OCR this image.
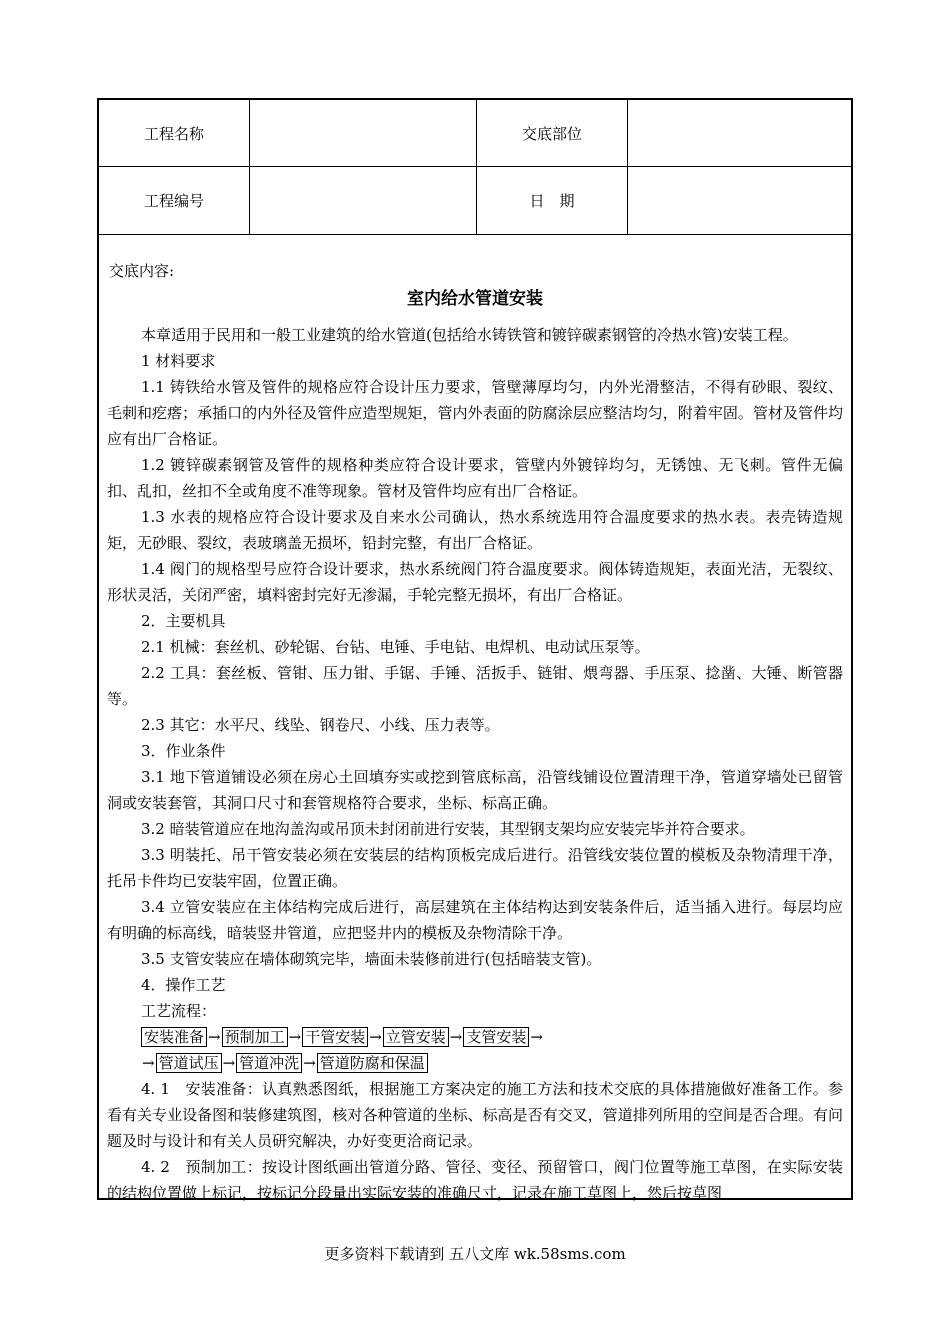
工程名称	交底部位
工程编号	日　期
交底内容:
室内给水管道安装

本章适用于民用和一般工业建筑的给水管道(包括给水铸铁管和镀锌碳素钢管的冷热水管)安装工程。

1 材料要求

1.1 铸铁给水管及管件的规格应符合设计压力要求，管壁薄厚均匀，内外光滑整洁，不得有砂眼、裂纹、毛刺和疙瘩；承插口的内外径及管件应造型规矩，管内外表面的防腐涂层应整洁均匀，附着牢固。管材及管件均应有出厂合格证。

1.2 镀锌碳素钢管及管件的规格种类应符合设计要求，管壁内外镀锌均匀，无锈蚀、无飞刺。管件无偏扣、乱扣，丝扣不全或角度不准等现象。管材及管件均应有出厂合格证。

1.3 水表的规格应符合设计要求及自来水公司确认，热水系统选用符合温度要求的热水表。表壳铸造规矩，无砂眼、裂纹，表玻璃盖无损坏，铅封完整，有出厂合格证。

1.4 阀门的规格型号应符合设计要求，热水系统阀门符合温度要求。阀体铸造规矩，表面光洁，无裂纹、形状灵活，关闭严密，填料密封完好无渗漏，手轮完整无损坏，有出厂合格证。

2．主要机具

2.1 机械：套丝机、砂轮锯、台钻、电锤、手电钻、电焊机、电动试压泵等。

2.2 工具：套丝板、管钳、压力钳、手锯、手锤、活扳手、链钳、煨弯器、手压泵、捻凿、大锤、断管器等。

2.3 其它：水平尺、线坠、钢卷尺、小线、压力表等。

3．作业条件

3.1 地下管道铺设必须在房心土回填夯实或挖到管底标高，沿管线铺设位置清理干净，管道穿墙处已留管洞或安装套管，其洞口尺寸和套管规格符合要求，坐标、标高正确。

3.2 暗装管道应在地沟盖沟或吊顶未封闭前进行安装，其型钢支架均应安装完毕并符合要求。

3.3 明装托、吊干管安装必须在安装层的结构顶板完成后进行。沿管线安装位置的模板及杂物清理干净，托吊卡件均已安装牢固，位置正确。

3.4 立管安装应在主体结构完成后进行，高层建筑在主体结构达到安装条件后，适当插入进行。每层均应有明确的标高线，暗装竖井管道，应把竖井内的模板及杂物清除干净。

3.5 支管安装应在墙体砌筑完毕，墙面未装修前进行(包括暗装支管)。

4．操作工艺

工艺流程：

安装准备 → 预制加工 → 干管安装 → 立管安装 → 支管安装 →
→ 管道试压 → 管道冲洗 → 管道防腐和保温

4. 1　安装准备：认真熟悉图纸，根据施工方案决定的施工方法和技术交底的具体措施做好准备工作。参看有关专业设备图和装修建筑图，核对各种管道的坐标、标高是否有交叉，管道排列所用的空间是否合理。有问题及时与设计和有关人员研究解决，办好变更洽商记录。

4. 2　预制加工：按设计图纸画出管道分路、管径、变径、预留管口，阀门位置等施工草图，在实际安装的结构位置做上标记，按标记分段量出实际安装的准确尺寸，记录在施工草图上，然后按草图

更多资料下载请到 五八文库 wk.58sms.com
